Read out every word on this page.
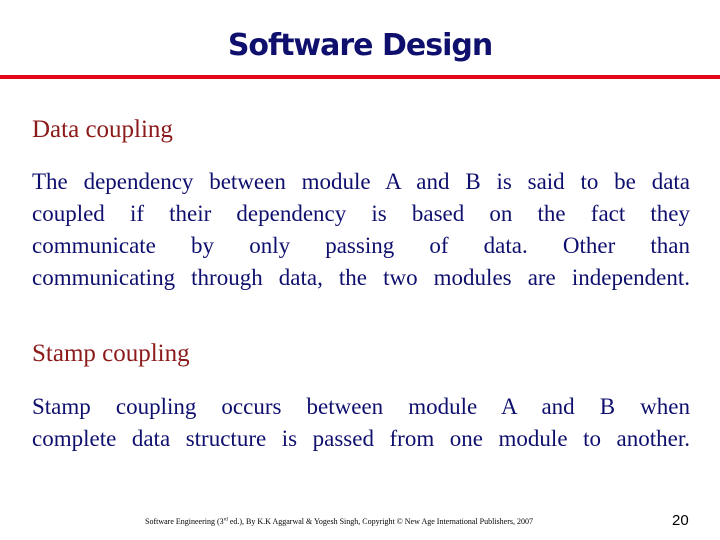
Software Design
Data coupling
The dependency between module A and B is said to be data
coupled if their dependency is based on the fact they
communicate by only passing of data. Other than
communicating through data, the two modules are independent.
Stamp coupling
Stamp coupling occurs between module A and B when
complete data structure is passed from one module to another.
Software Engineering (3rd ed.), By K.K Aggarwal & Yogesh Singh, Copyright © New Age International Publishers, 2007	20
